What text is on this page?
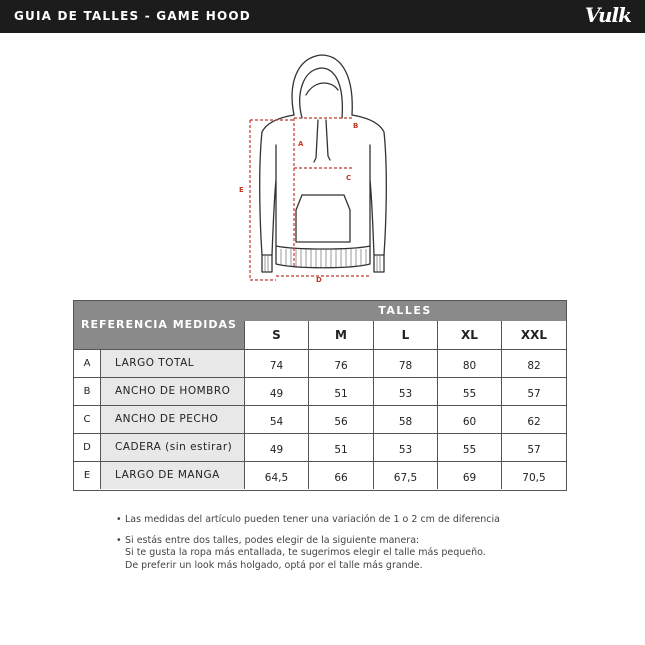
GUIA DE TALLES - GAME HOOD	Vulk
A
B
C
D
E
REFERENCIA MEDIDAS
TALLES
S	M	L	XL	XXL
A	LARGO TOTAL	74	76	78	80	82
B	ANCHO DE HOMBRO	49	51	53	55	57
C	ANCHO DE PECHO	54	56	58	60	62
D	CADERA (sin estirar)	49	51	53	55	57
E	LARGO DE MANGA	64,5	66	67,5	69	70,5
• Las medidas del artículo pueden tener una variación de 1 o 2 cm de diferencia
• Si estás entre dos talles, podes elegir de la siguiente manera:
Si te gusta la ropa más entallada, te sugerimos elegir el talle más pequeño.
De preferir un look más holgado, optá por el talle más grande.
